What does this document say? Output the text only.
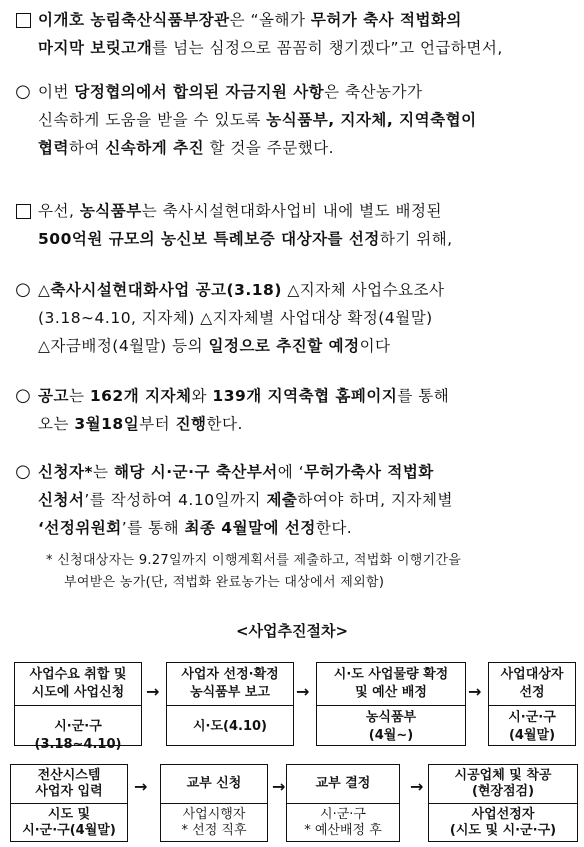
이개호 농림축산식품부장관은 “올해가 무허가 축사 적법화의
마지막 보릿고개를 넘는 심정으로 꼼꼼히 챙기겠다”고 언급하면서,
○ 이번 당정협의에서 합의된 자금지원 사항은 축산농가가
신속하게 도움을 받을 수 있도록 농식품부, 지자체, 지역축협이
협력하여 신속하게 추진 할 것을 주문했다.
우선, 농식품부는 축사시설현대화사업비 내에 별도 배정된
500억원 규모의 농신보 특례보증 대상자를 선정하기 위해,
○ △축사시설현대화사업 공고(3.18) △지자체 사업수요조사
(3.18∼4.10, 지자체) △지자체별 사업대상 확정(4월말)
△자금배정(4월말) 등의 일정으로 추진할 예정이다
○ 공고는 162개 지자체와 139개 지역축협 홈페이지를 통해
오는 3월18일부터 진행한다.
○ 신청자*는 해당 시·군·구 축산부서에 ‘무허가축사 적법화
신청서’를 작성하여 4.10일까지 제출하여야 하며, 지자체별
‘선정위원회’를 통해 최종 4월말에 선정한다.
* 신청대상자는 9.27일까지 이행계획서를 제출하고, 적법화 이행기간을
부여받은 농가(단, 적법화 완료농가는 대상에서 제외함)
<사업추진절차>
사업수요 취합 및
시도에 사업신청
시·군·구(3.18∼4.10)
→
사업자 선정·확정
농식품부 보고
시·도(4.10)
→
시·도 사업물량 확정
및 예산 배정
농식품부
(4월∼)
→
사업대상자
선정
시·군·구
(4월말)
전산시스템
사업자 입력
시도 및
시·군·구(4월말)
→	교부 신청
사업시행자
* 선정 직후
→	교부 결정
시·군·구
* 예산배정 후
→
시공업체 및 착공
(현장점검)
사업선정자
(시도 및 시·군·구)
